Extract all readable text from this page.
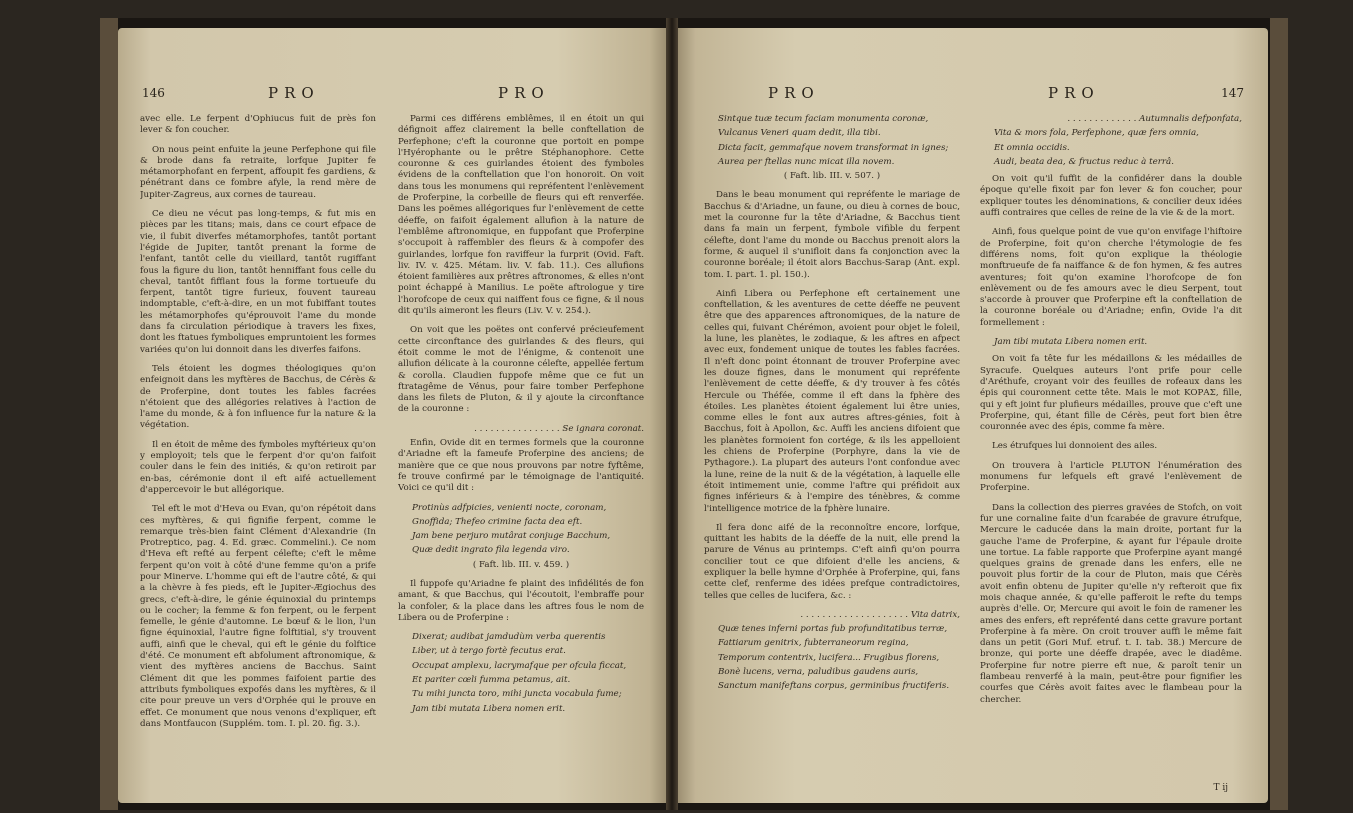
146	PRO	PRO

avec elle. Le ferpent d'Ophiucus fuit de près fon lever & fon coucher.

On nous peint enfuite la jeune Perfephone qui file & brode dans fa retraite, lorfque Jupiter fe métamorphofant en ferpent, affoupit fes gardiens, & pénétrant dans ce fombre afyle, la rend mère de Jupiter-Zagreus, aux cornes de taureau.

Ce dieu ne vécut pas long-temps, & fut mis en pièces par les titans; mais, dans ce court efpace de vie, il fubit diverfes métamorphofes, tantôt portant l'égide de Jupiter, tantôt prenant la forme de l'enfant, tantôt celle du vieillard, tantôt rugiffant fous la figure du lion, tantôt henniffant fous celle du cheval, tantôt fifflant fous la forme tortueufe du ferpent, tantôt tigre furieux, fouvent taureau indomptable, c'eft-à-dire, en un mot fubiffant toutes les métamorphofes qu'éprouvoit l'ame du monde dans fa circulation périodique à travers les fixes, dont les ftatues fymboliques empruntoient les formes variées qu'on lui donnoit dans les diverfes faifons.

Tels étoient les dogmes théologiques qu'on enfeignoit dans les myftères de Bacchus, de Cérès & de Proferpine, dont toutes les fables facrées n'étoient que des allégories relatives à l'action de l'ame du monde, & à fon influence fur la nature & la végétation.

Il en étoit de même des fymboles myftérieux qu'on y employoit; tels que le ferpent d'or qu'on faifoit couler dans le fein des initiés, & qu'on retiroit par en-bas, cérémonie dont il eft aifé actuellement d'appercevoir le but allégorique.

Tel eft le mot d'Heva ou Evan, qu'on répétoit dans ces myftères, & qui fignifie ferpent, comme le remarque très-bien faint Clément d'Alexandrie (In Protreptico, pag. 4. Ed. græc. Commelini.). Ce nom d'Heva eft refté au ferpent célefte; c'eft le même ferpent qu'on voit à côté d'une femme qu'on a prife pour Minerve. L'homme qui eft de l'autre côté, & qui a la chèvre à fes pieds, eft le Jupiter-Ægiochus des grecs, c'eft-à-dire, le génie équinoxial du printemps ou le cocher; la femme & fon ferpent, ou le ferpent femelle, le génie d'automne. Le bœuf & le lion, l'un figne équinoxial, l'autre figne folftitial, s'y trouvent auffi, ainfi que le cheval, qui eft le génie du folftice d'été. Ce monument eft abfolument aftronomique, & vient des myftères anciens de Bacchus. Saint Clément dit que les pommes faifoient partie des attributs fymboliques expofés dans les myftères, & il cite pour preuve un vers d'Orphée qui le prouve en effet. Ce monument que nous venons d'expliquer, eft dans Montfaucon (Supplém. tom. I. pl. 20. fig. 3.).

Parmi ces différens emblêmes, il en étoit un qui défignoit affez clairement la belle conftellation de Perfephone; c'eft la couronne que portoit en pompe l'Hyérophante ou le prêtre Stéphanophore. Cette couronne & ces guirlandes étoient des fymboles évidens de la conftellation que l'on honoroit. On voit dans tous les monumens qui repréfentent l'enlèvement de Proferpine, la corbeille de fleurs qui eft renverfée. Dans les poëmes allégoriques fur l'enlèvement de cette déeffe, on faifoit également allufion à la nature de l'emblême aftronomique, en fuppofant que Proferpine s'occupoit à raffembler des fleurs & à compofer des guirlandes, lorfque fon raviffeur la furprit (Ovid. Faft. liv. IV. v. 425. Métam. liv. V. fab. 11.). Ces allufions étoient familières aux prêtres aftronomes, & elles n'ont point échappé à Manilius. Le poëte aftrologue y tire l'horofcope de ceux qui naiffent fous ce figne, & il nous dit qu'ils aimeront les fleurs (Liv. V. v. 254.).

On voit que les poëtes ont confervé précieufement cette circonftance des guirlandes & des fleurs, qui étoit comme le mot de l'énigme, & contenoit une allufion délicate à la couronne célefte, appellée fertum & corolla. Claudien fuppofe même que ce fut un ftratagême de Vénus, pour faire tomber Perfephone dans les filets de Pluton, & il y ajoute la circonftance de la couronne :

. . . . . . . . . . . . . . . . Se ignara coronat.

Enfin, Ovide dit en termes formels que la couronne d'Ariadne eft la fameufe Proferpine des anciens; de manière que ce que nous prouvons par notre fyftême, fe trouve confirmé par le témoignage de l'antiquité. Voici ce qu'il dit :

Protinùs adfpicies, venienti nocte, coronam,

Gnoffida; Thefeo crimine facta dea eft.

Jam bene perjuro mutârat conjuge Bacchum,

Quæ dedit ingrato fila legenda viro.

( Faft. lib. III. v. 459. )

Il fuppofe qu'Ariadne fe plaint des infidélités de fon amant, & que Bacchus, qui l'écoutoit, l'embraffe pour la confoler, & la place dans les aftres fous le nom de Libera ou de Proferpine :

Dixerat; audibat jamdudùm verba querentis

Liber, ut à tergo fortè fecutus erat.

Occupat amplexu, lacrymafque per ofcula ficcat,

Et pariter cœli fumma petamus, ait.

Tu mihi juncta toro, mihi juncta vocabula fume;

Jam tibi mutata Libera nomen erit.

PRO	PRO	147

Sintque tuæ tecum faciam monumenta coronæ,

Vulcanus Veneri quam dedit, illa tibi.

Dicta facit, gemmafque novem transformat in ignes;

Aurea per ftellas nunc micat illa novem.

( Faft. lib. III. v. 507. )

Dans le beau monument qui repréfente le mariage de Bacchus & d'Ariadne, un faune, ou dieu à cornes de bouc, met la couronne fur la tête d'Ariadne, & Bacchus tient dans fa main un ferpent, fymbole vifible du ferpent célefte, dont l'ame du monde ou Bacchus prenoit alors la forme, & auquel il s'unifloit dans fa conjonction avec la couronne boréale; il étoit alors Bacchus-Sarap (Ant. expl. tom. I. part. 1. pl. 150.).

Ainfi Libera ou Perfephone eft certainement une conftellation, & les aventures de cette déeffe ne peuvent être que des apparences aftronomiques, de la nature de celles qui, fuivant Chérémon, avoient pour objet le foleil, la lune, les planètes, le zodiaque, & les aftres en afpect avec eux, fondement unique de toutes les fables facrées. Il n'eft donc point étonnant de trouver Proferpine avec les douze fignes, dans le monument qui repréfente l'enlèvement de cette déeffe, & d'y trouver à fes côtés Hercule ou Théfée, comme il eft dans la fphère des étoiles. Les planètes étoient également lui être unies, comme elles le font aux autres aftres-génies, foit à Bacchus, foit à Apollon, &c. Auffi les anciens difoient que les planètes formoient fon cortége, & ils les appelloient les chiens de Proferpine (Porphyre, dans la vie de Pythagore.). La plupart des auteurs l'ont confondue avec la lune, reine de la nuit & de la végétation, à laquelle elle étoit intimement unie, comme l'aftre qui préfidoit aux fignes inférieurs & à l'empire des ténèbres, & comme l'intelligence motrice de la fphère lunaire.

Il fera donc aifé de la reconnoître encore, lorfque, quittant les habits de la déeffe de la nuit, elle prend la parure de Vénus au printemps. C'eft ainfi qu'on pourra concilier tout ce que difoient d'elle les anciens, & expliquer la belle hymne d'Orphée à Proferpine, qui, fans cette clef, renferme des idées prefque contradictoires, telles que celles de lucifera, &c. :

. . . . . . . . . . . . . . . . . . . . Vita datrix,

Quæ tenes inferni portas fub profunditatibus terræ,

Fattiarum genitrix, fubterraneorum regina,

Temporum contentrix, lucifera... Frugibus florens,

Bonè lucens, verna, paludibus gaudens auris,

Sanctum manifeftans corpus, germinibus fructiferis.

. . . . . . . . . . . . . Autumnalis defponfata,

Vita & mors fola, Perfephone, quæ fers omnia,

Et omnia occidis.

Audi, beata dea, & fructus reduc à terrâ.

On voit qu'il fuffit de la confidérer dans la double époque qu'elle fixoit par fon lever & fon coucher, pour expliquer toutes les dénominations, & concilier deux idées auffi contraires que celles de reine de la vie & de la mort.

Ainfi, fous quelque point de vue qu'on envifage l'hiftoire de Proferpine, foit qu'on cherche l'étymologie de fes différens noms, foit qu'on explique la théologie monftrueufe de fa naiffance & de fon hymen, & fes autres aventures; foit qu'on examine l'horofcope de fon enlèvement ou de fes amours avec le dieu Serpent, tout s'accorde à prouver que Proferpine eft la conftellation de la couronne boréale ou d'Ariadne; enfin, Ovide l'a dit formellement :

Jam tibi mutata Libera nomen erit.

On voit fa tête fur les médaillons & les médailles de Syracufe. Quelques auteurs l'ont prife pour celle d'Aréthufe, croyant voir des feuilles de rofeaux dans les épis qui couronnent cette tête. Mais le mot ΚΟΡΑΣ, fille, qui y eft joint fur plufieurs médailles, prouve que c'eft une Proferpine, qui, étant fille de Cérès, peut fort bien être couronnée avec des épis, comme fa mère.

Les étrufques lui donnoient des ailes.

On trouvera à l'article PLUTON l'énumération des monumens fur lefquels eft gravé l'enlèvement de Proferpine.

Dans la collection des pierres gravées de Stofch, on voit fur une cornaline faite d'un fcarabée de gravure étrufque, Mercure le caducée dans la main droite, portant fur la gauche l'ame de Proferpine, & ayant fur l'épaule droite une tortue. La fable rapporte que Proferpine ayant mangé quelques grains de grenade dans les enfers, elle ne pouvoit plus fortir de la cour de Pluton, mais que Cérès avoit enfin obtenu de Jupiter qu'elle n'y refteroit que fix mois chaque année, & qu'elle pafferoit le refte du temps auprès d'elle. Or, Mercure qui avoit le foin de ramener les ames des enfers, eft repréfenté dans cette gravure portant Proferpine à fa mère. On croit trouver auffi le même fait dans un petit (Gori Muf. etruf. t. I. tab. 38.) Mercure de bronze, qui porte une déeffe drapée, avec le diadême. Proferpine fur notre pierre eft nue, & paroît tenir un flambeau renverfé à la main, peut-être pour fignifier les courfes que Cérès avoit faites avec le flambeau pour la chercher.

T ij
